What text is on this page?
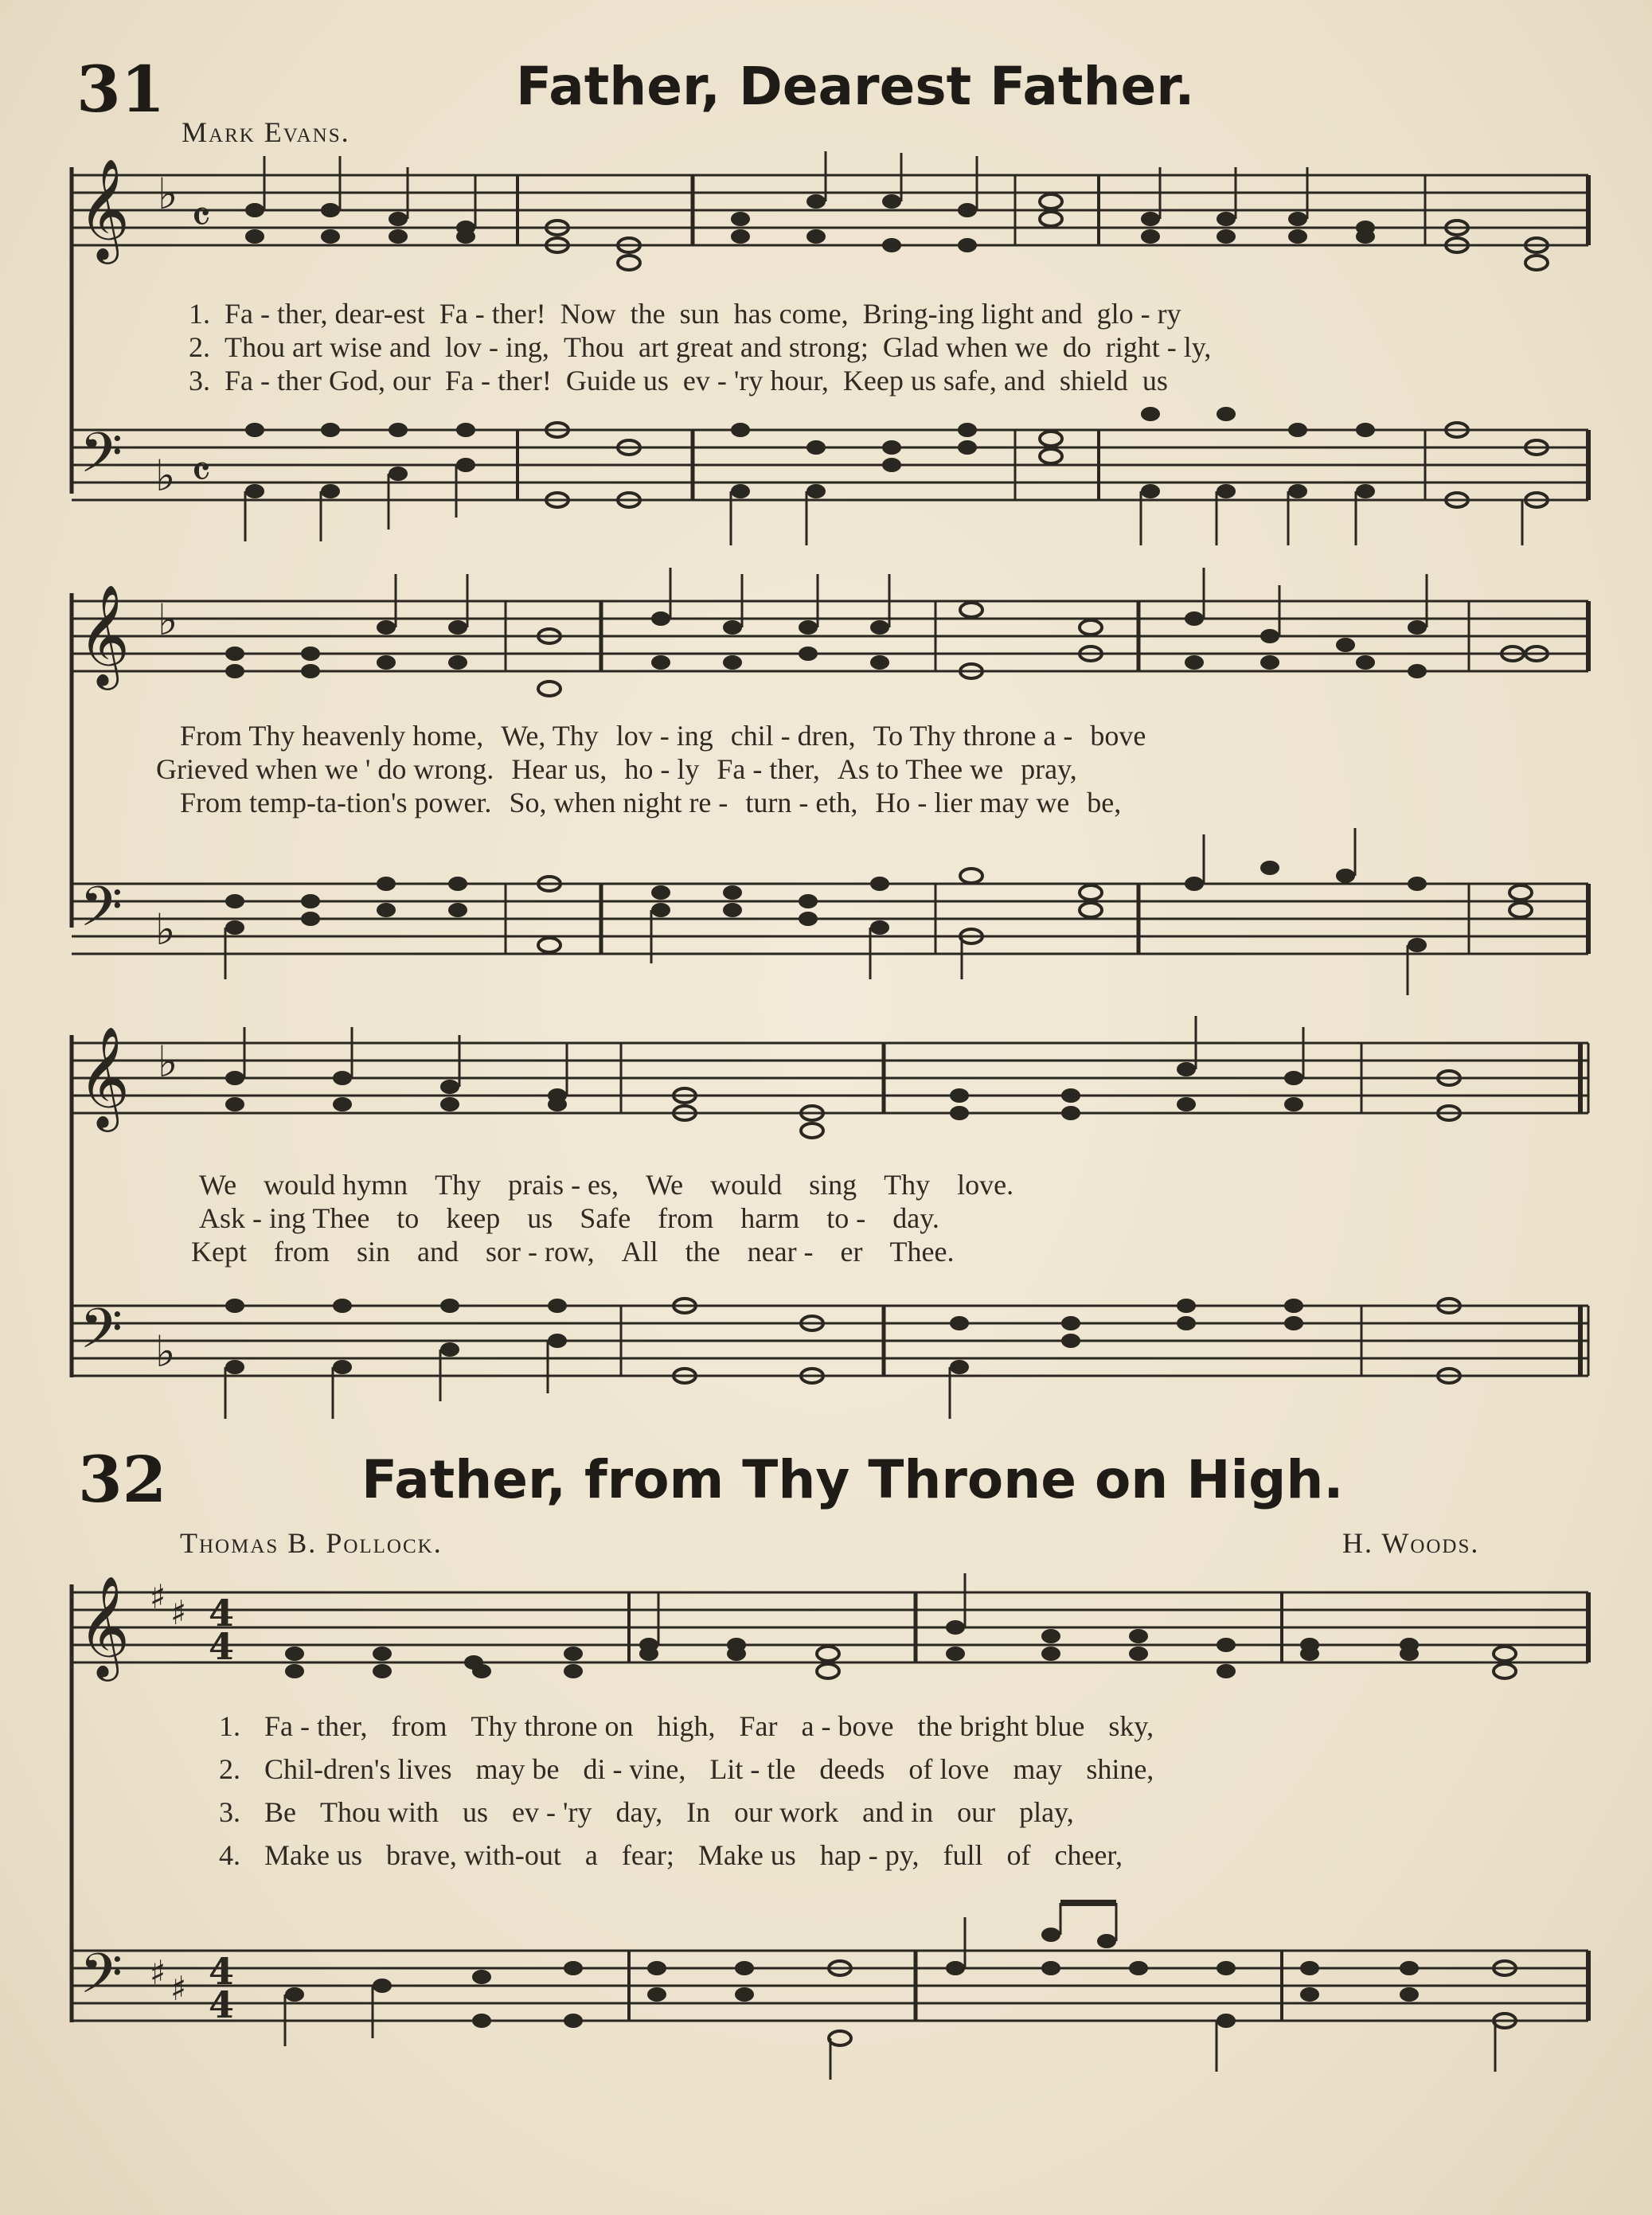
31	Father, Dearest Father.
Mark Evans.
𝄞 ♭ 𝄴
1. Fa - ther, dear-est Fa - ther! Now the sun has come, Bring-ing light and glo - ry
2. Thou art wise and lov - ing, Thou art great and strong; Glad when we do right - ly,
3. Fa - ther God, our Fa - ther! Guide us ev - 'ry hour, Keep us safe, and shield us
𝄢 ♭ 𝄴
𝄞 ♭
From Thy heavenly home, We, Thy lov - ing chil - dren, To Thy throne a - bove
Grieved when we ' do wrong. Hear us, ho - ly Fa - ther, As to Thee we pray,
From temp-ta-tion's power. So, when night re - turn - eth, Ho - lier may we be,
𝄢 ♭
𝄞 ♭
We would hymn Thy prais - es, We would sing Thy love.
Ask - ing Thee to keep us Safe from harm to - day.
Kept from sin and sor - row, All the near - er Thee.
𝄢 ♭
32	Father, from Thy Throne on High.
Thomas B. Pollock.	H. Woods.
𝄞 ♯ ♯ 4
4
1. Fa - ther, from Thy throne on high, Far a - bove the bright blue sky,
2. Chil-dren's lives may be di - vine, Lit - tle deeds of love may shine,
3. Be Thou with us ev - 'ry day, In our work and in our play,
4. Make us brave, with-out a fear; Make us hap - py, full of cheer,
𝄢 ♯ ♯ 4
4
